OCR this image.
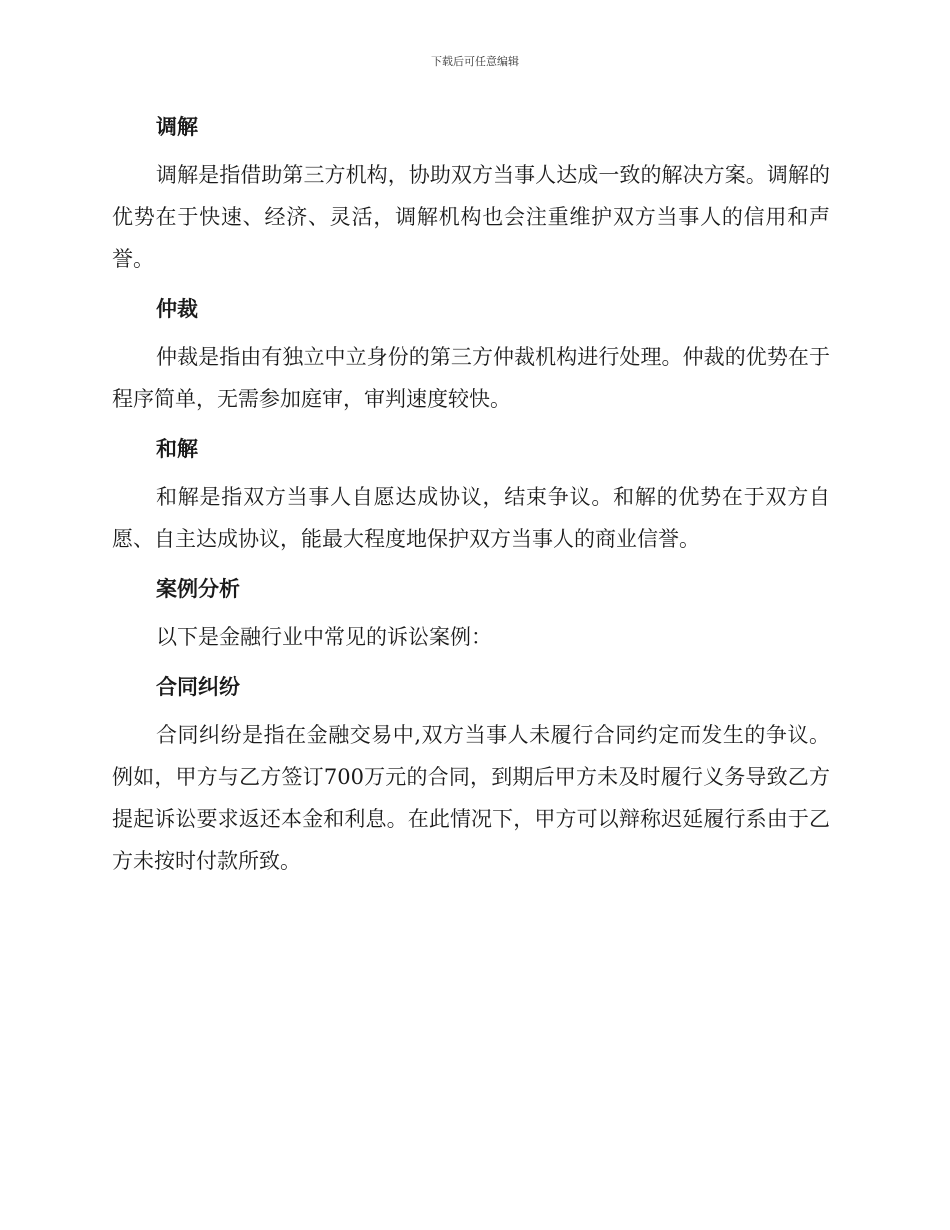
下载后可任意编辑
调解

调解是指借助第三方机构，协助双方当事人达成一致的解决方案。调解的优势在于快速、经济、灵活，调解机构也会注重维护双方当事人的信用和声誉。

仲裁

仲裁是指由有独立中立身份的第三方仲裁机构进行处理。仲裁的优势在于程序简单，无需参加庭审，审判速度较快。

和解

和解是指双方当事人自愿达成协议，结束争议。和解的优势在于双方自愿、自主达成协议，能最大程度地保护双方当事人的商业信誉。

案例分析

以下是金融行业中常见的诉讼案例：

合同纠纷

合同纠纷是指在金融交易中,双方当事人未履行合同约定而发生的争议。例如，甲方与乙方签订700万元的合同，到期后甲方未及时履行义务导致乙方提起诉讼要求返还本金和利息。在此情况下，甲方可以辩称迟延履行系由于乙方未按时付款所致。
